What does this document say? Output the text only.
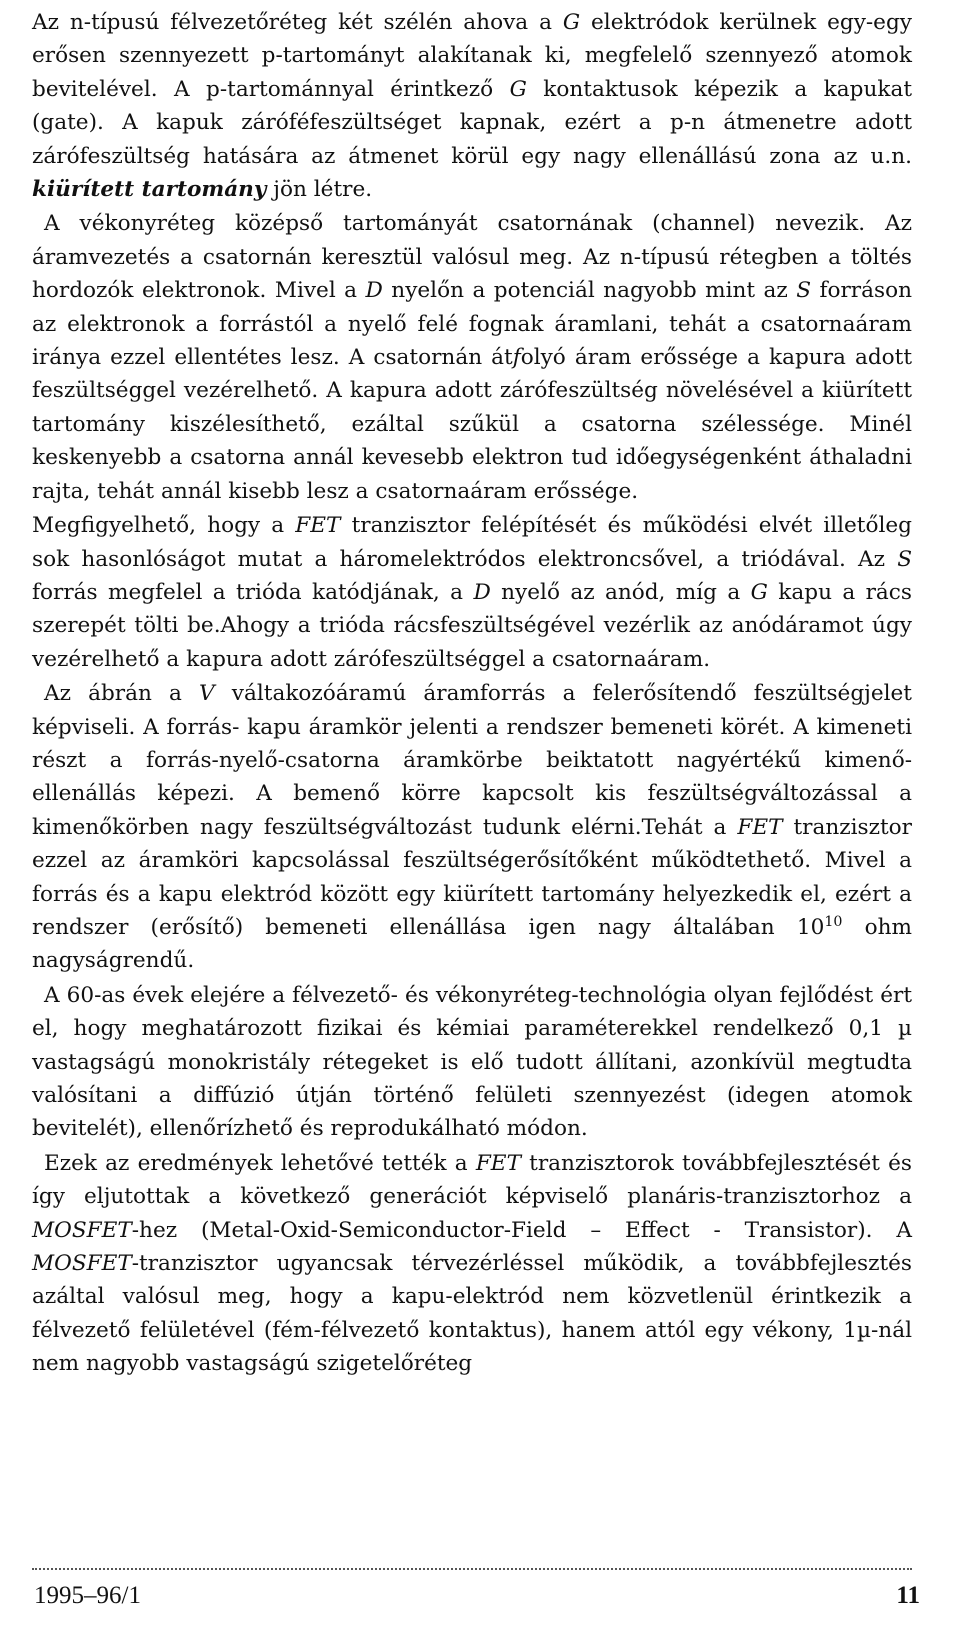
Az n-típusú félvezetőréteg két szélén ahova a G elektródok kerülnek egy-egy erősen szennyezett p-tartományt alakítanak ki, megfelelő szennyező atomok bevitelével. A p-tartománnyal érintkező G kontaktusok képezik a kapukat (gate). A kapuk záróféfeszültséget kapnak, ezért a p-n átmenetre adott zárófeszültség hatására az átmenet körül egy nagy ellenállású zona az u.n. kiürített tartomány jön létre.

A vékonyréteg középső tartományát csatornának (channel) nevezik. Az áramvezetés a csatornán keresztül valósul meg. Az n-típusú rétegben a töltés hordozók elektronok. Mivel a D nyelőn a potenciál nagyobb mint az S forráson az elektronok a forrástól a nyelő felé fognak áramlani, tehát a csatornaáram iránya ezzel ellentétes lesz. A csatornán átfolyó áram erőssége a kapura adott feszültséggel vezérelhető. A kapura adott zárófeszültség növelésével a kiürített tartomány kiszélesíthető, ezáltal szűkül a csatorna szélessége. Minél keskenyebb a csatorna annál kevesebb elektron tud időegységenként áthaladni rajta, tehát annál kisebb lesz a csatornaáram erőssége.

Megfigyelhető, hogy a FET tranzisztor felépítését és működési elvét illetőleg sok hasonlóságot mutat a háromelektródos elektroncsővel, a triódával. Az S forrás megfelel a trióda katódjának, a D nyelő az anód, míg a G kapu a rács szerepét tölti be.Ahogy a trióda rácsfeszültségével vezérlik az anódáramot úgy vezérelhető a kapura adott zárófeszültséggel a csatornaáram.

Az ábrán a V váltakozóáramú áramforrás a felerősítendő feszültségjelet képviseli. A forrás- kapu áramkör jelenti a rendszer bemeneti körét. A kimeneti részt a forrás-nyelő-csatorna áramkörbe beiktatott nagyértékű kimenő-ellenállás képezi. A bemenő körre kapcsolt kis feszültségváltozással a kimenőkörben nagy feszültségváltozást tudunk elérni.Tehát a FET tranzisztor ezzel az áramköri kapcsolással feszültségerősítőként működtethető. Mivel a forrás és a kapu elektród között egy kiürített tartomány helyezkedik el, ezért a rendszer (erősítő) bemeneti ellenállása igen nagy általában $10^{10}$ ohm nagyságrendű.

A 60-as évek elejére a félvezető- és vékonyréteg-technológia olyan fejlődést ért el, hogy meghatározott fizikai és kémiai paraméterekkel rendelkező 0,1 µ vastagságú monokristály rétegeket is elő tudott állítani, azonkívül megtudta valósítani a diffúzió útján történő felületi szennyezést (idegen atomok bevitelét), ellenőrízhető és reprodukálható módon.

Ezek az eredmények lehetővé tették a FET tranzisztorok továbbfejlesztését és így eljutottak a következő generációt képviselő planáris-tranzisztorhoz a MOSFET-hez (Metal-Oxid-Semiconductor-Field – Effect - Transistor). A MOSFET-tranzisztor ugyancsak térvezérléssel működik, a továbbfejlesztés azáltal valósul meg, hogy a kapu-elektród nem közvetlenül érintkezik a félvezető felületével (fém-félvezető kontaktus), hanem attól egy vékony, 1µ-nál nem nagyobb vastagságú szigetelőréteg

1995–96/1	11
